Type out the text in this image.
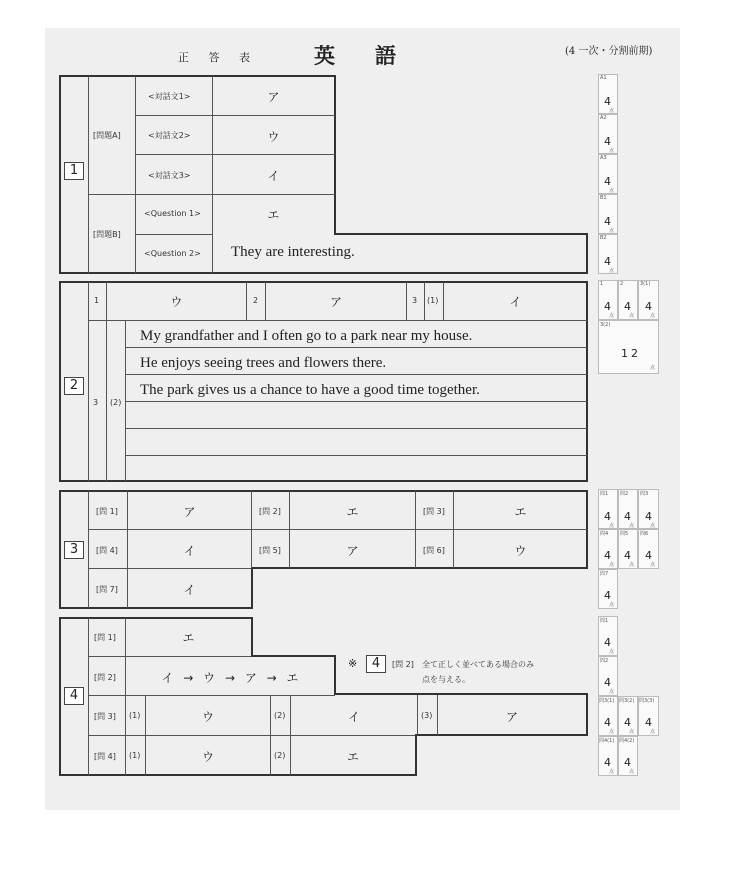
正 答 表	英語	(4 一次・分割前期)
1
[問題A]
[問題B]
<対話文1>	ア
<対話文2>	ウ
<対話文3>	イ
<Question 1>	エ
<Question 2> They are interesting.
A1
4
点
A2
4
点
A3
4
点
B1
4
点
B2
4
点
2
1	ウ	2	ア	3 (1)	イ
3 (2)
My grandfather and I often go to a park near my house.
He enjoys seeing trees and flowers there.
The park gives us a chance to have a good time together.
1
4
点
2
4
点
3(1)
4
点
3(2)
12
点
3
[問 1]	ア	[問 2]	エ	[問 3]	エ
[問 4]	イ	[問 5]	ア	[問 6]	ウ
[問 7]	イ
問1
4
点
問2
4
点
問3
4
点
問4
4
点
問5
4
点
問6
4
点
問7
4
点
4
[問 1]	エ
[問 2]	イ → ウ → ア → エ
[問 3] (1)	ウ	(2)	イ	(3)	ア
[問 4] (1)	ウ	(2)	エ
※	4	[問 2] 全て正しく並べてある場合のみ
点を与える。
問1
4
点
問2
4
点
問3(1)
4
点
問3(2)
4
点
問3(3)
4
点
問4(1)
4
点
問4(2)
4
点
